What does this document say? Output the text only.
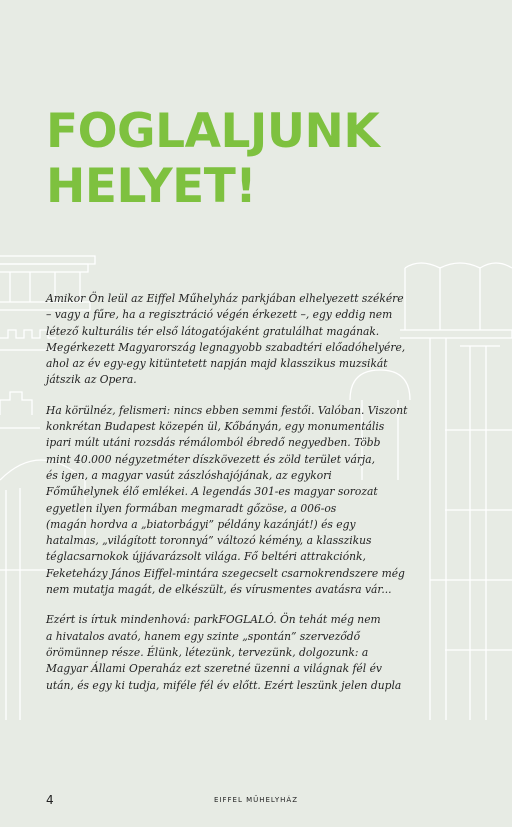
FOGLALJUNK
HELYET!

Amikor Ön leül az Eiffel Műhelyház parkjában elhelyezett székére
– vagy a fűre, ha a regisztráció végén érkezett –, egy eddig nem
létező kulturális tér első látogatójaként gratulálhat magának.
Megérkezett Magyarország legnagyobb szabadtéri előadóhelyére,
ahol az év egy-egy kitüntetett napján majd klasszikus muzsikát
játszik az Opera.

Ha körülnéz, felismeri: nincs ebben semmi festői. Valóban. Viszont
konkrétan Budapest közepén ül, Kőbányán, egy monumentális
ipari múlt utáni rozsdás rémálomból ébredő negyedben. Több
mint 40.000 négyzetméter díszkövezett és zöld terület várja,
és igen, a magyar vasút zászlóshajójának, az egykori
Főműhelynek élő emlékei. A legendás 301-es magyar sorozat
egyetlen ilyen formában megmaradt gőzöse, a 006-os
(magán hordva a „biatorbágyi” példány kazánját!) és egy
hatalmas, „világított toronnyá” változó kémény, a klasszikus
téglacsarnokok újjávarázsolt világa. Fő beltéri attrakciónk,
Feketeházy János Eiffel-mintára szegecselt csarnokrendszere még
nem mutatja magát, de elkészült, és vírusmentes avatásra vár...

Ezért is írtuk mindenhová: parkFOGLALÓ. Ön tehát még nem
a hivatalos avató, hanem egy szinte „spontán” szerveződő
örömünnep része. Élünk, létezünk, tervezünk, dolgozunk: a
Magyar Állami Operaház ezt szeretné üzenni a világnak fél év
után, és egy ki tudja, miféle fél év előtt. Ezért leszünk jelen dupla

4	EIFFEL MŰHELYHÁZ
